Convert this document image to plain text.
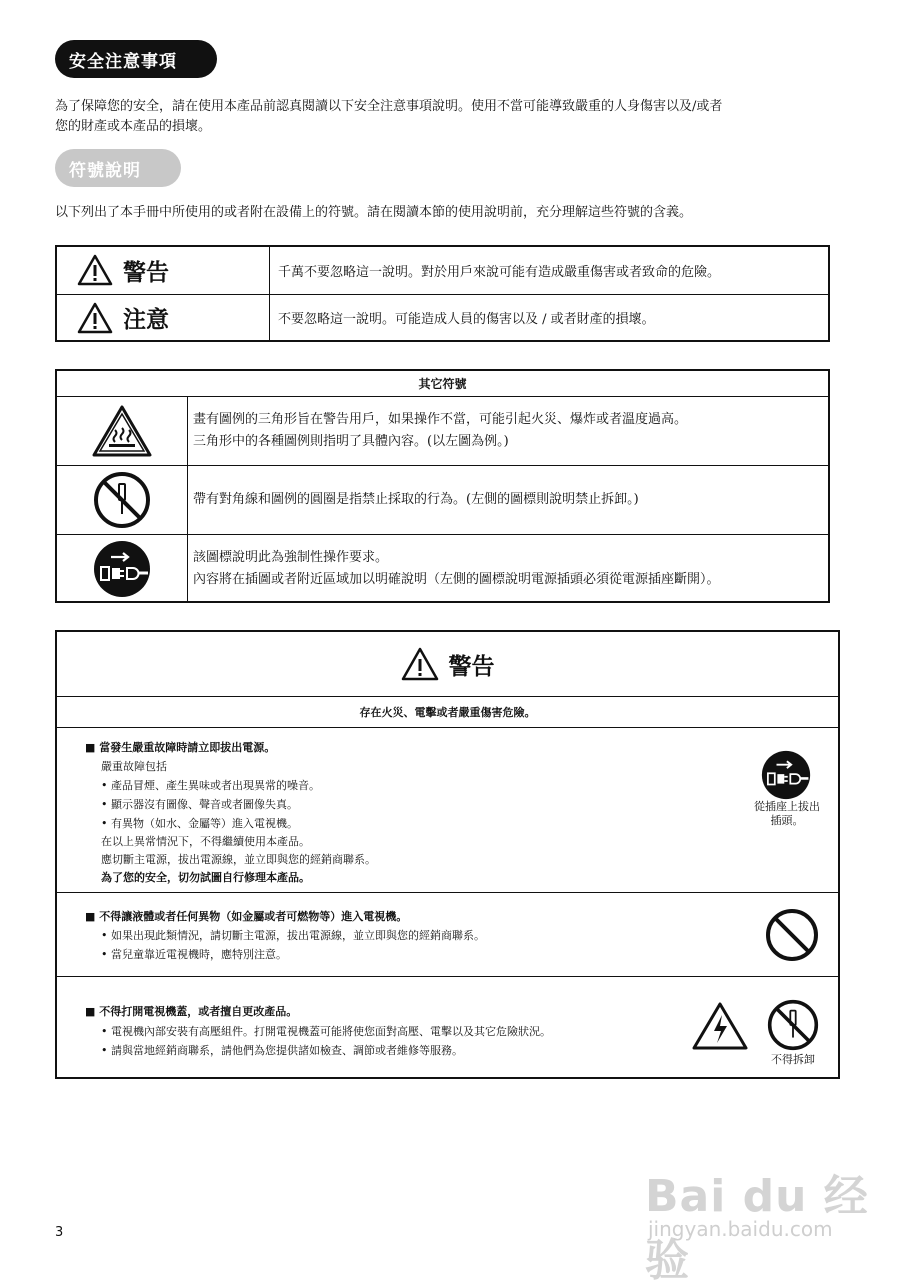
安全注意事項

為了保障您的安全，請在使用本產品前認真閱讀以下安全注意事項說明。使用不當可能導致嚴重的人身傷害以及/或者

您的財產或本產品的損壞。

符號說明

以下列出了本手冊中所使用的或者附在設備上的符號。請在閱讀本節的使用說明前，充分理解這些符號的含義。

警告	千萬不要忽略這一說明。對於用戶來說可能有造成嚴重傷害或者致命的危險。
注意	不要忽略這一說明。可能造成人員的傷害以及 / 或者財產的損壞。
其它符號
畫有圖例的三角形旨在警告用戶，如果操作不當，可能引起火災、爆炸或者溫度過高。
三角形中的各種圖例則指明了具體內容。(以左圖為例。)
帶有對角線和圖例的圓圈是指禁止採取的行為。(左側的圖標則說明禁止拆卸。)
該圖標說明此為強制性操作要求。
內容將在插圖或者附近區域加以明確說明（左側的圖標說明電源插頭必須從電源插座斷開）。
警告
存在火災、電擊或者嚴重傷害危險。
■ 當發生嚴重故障時請立即拔出電源。
嚴重故障包括
• 產品冒煙、產生異味或者出現異常的噪音。
• 顯示器沒有圖像、聲音或者圖像失真。
• 有異物（如水、金屬等）進入電視機。
在以上異常情況下，不得繼續使用本產品。
應切斷主電源，拔出電源線，並立即與您的經銷商聯系。
為了您的安全，切勿試圖自行修理本產品。
從插座上拔出
插頭。
■ 不得讓液體或者任何異物（如金屬或者可燃物等）進入電視機。
• 如果出現此類情況，請切斷主電源，拔出電源線，並立即與您的經銷商聯系。
• 當兒童靠近電視機時，應特別注意。
■ 不得打開電視機蓋，或者擅自更改產品。
• 電視機內部安裝有高壓組件。打開電視機蓋可能將使您面對高壓、電擊以及其它危險狀況。
• 請與當地經銷商聯系，請他們為您提供諸如檢查、調節或者維修等服務。
不得拆卸
3
Bai du 经验
jingyan.baidu.com
